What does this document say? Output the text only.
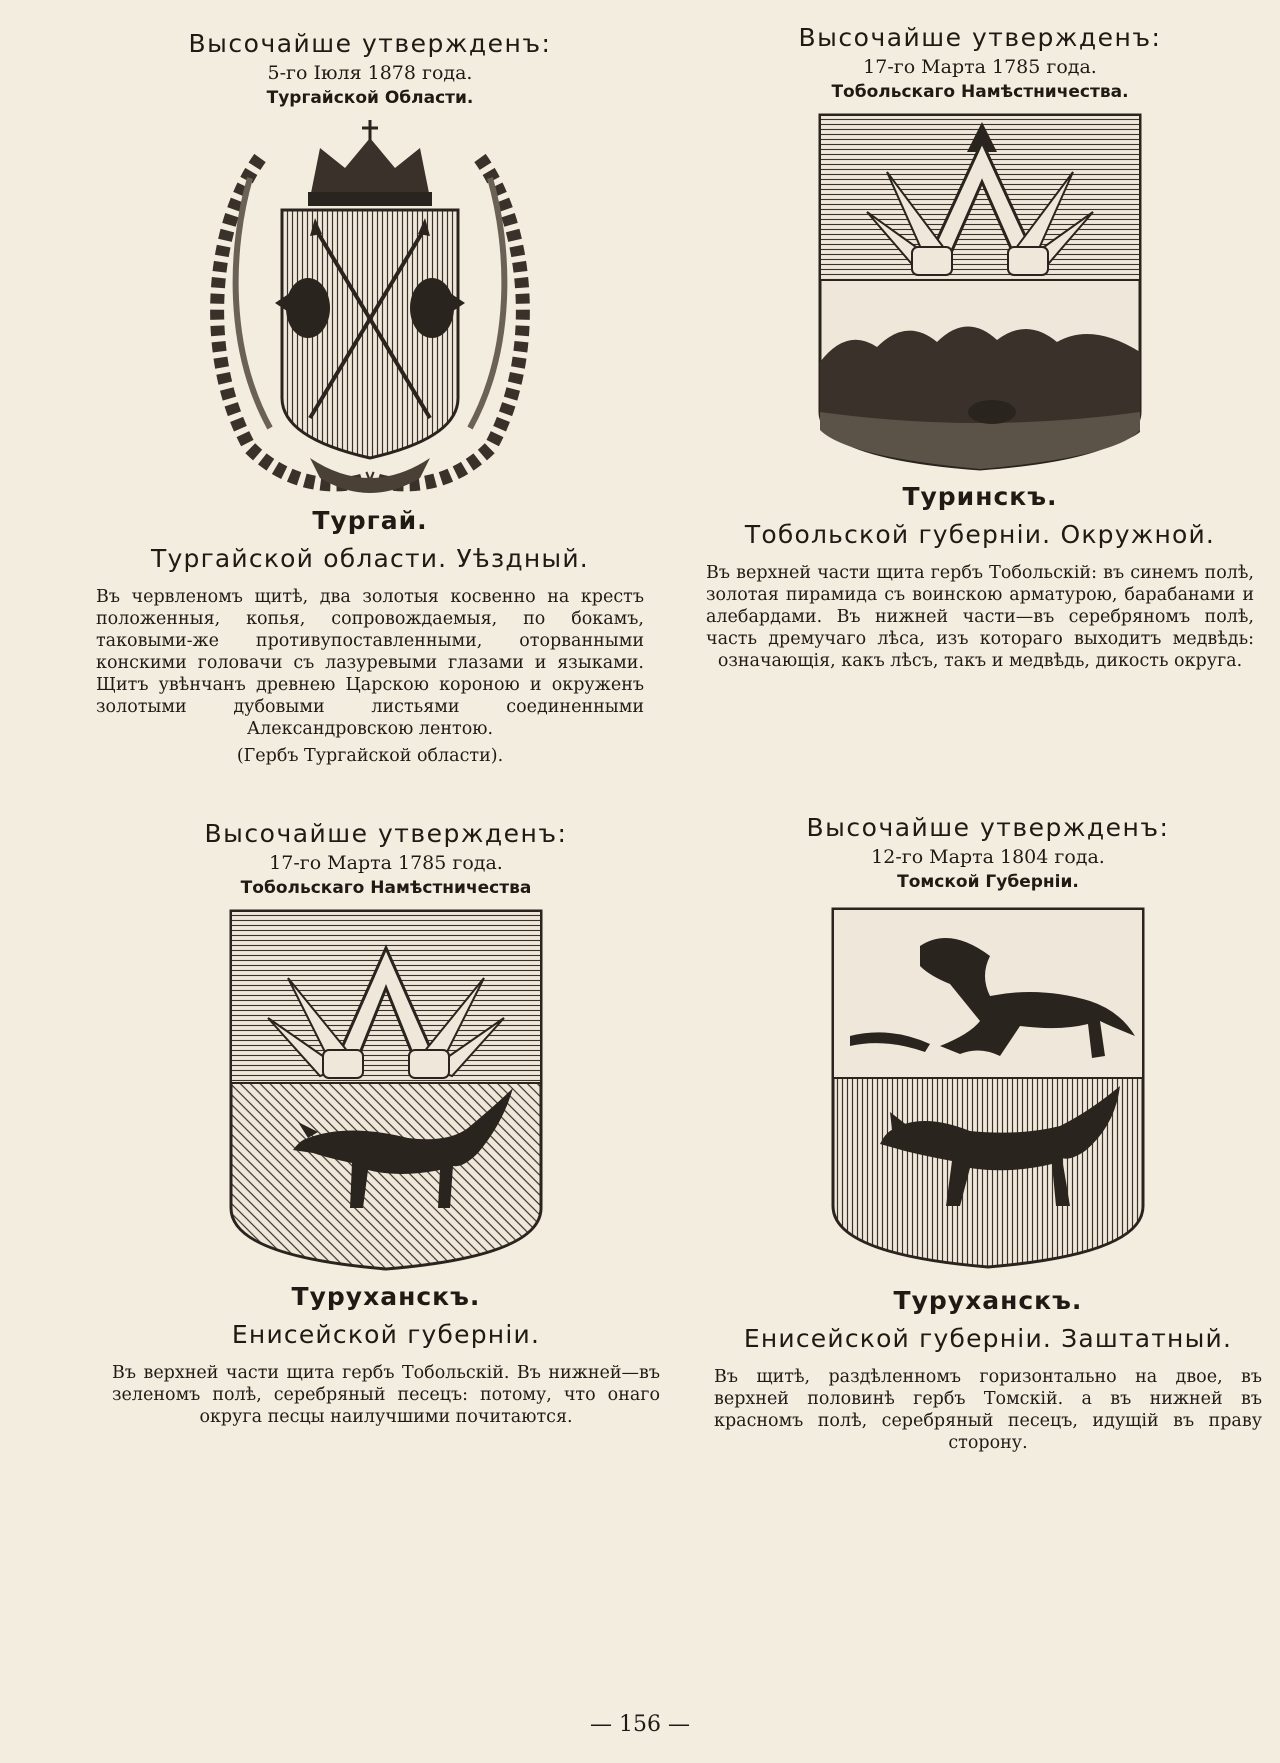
Высочайше утвержденъ:

5-го Іюля 1878 года.

Тургайской Области.

Тургай.

Тургайской области. Уѣздный.

Въ червленомъ щитѣ, два золотыя косвенно на крестъ положенныя, копья, сопровождаемыя, по бокамъ, таковыми-же противупоставленными, оторванными конскими головачи съ лазуревыми глазами и языками. Щитъ увѣнчанъ древнею Царскою короною и окруженъ золотыми дубовыми листьями соединенными Александровскою лентою.

(Гербъ Тургайской области).

Высочайше утвержденъ:

17-го Марта 1785 года.

Тобольскаго Намѣстничества.

Туринскъ.

Тобольской губерніи. Окружной.

Въ верхней части щита гербъ Тобольскій: въ синемъ полѣ, золотая пирамида съ воинскою арматурою, барабанами и алебардами. Въ нижней части—въ серебряномъ полѣ, часть дремучаго лѣса, изъ котораго выходитъ медвѣдь: означающія, какъ лѣсъ, такъ и медвѣдь, дикость округа.

Высочайше утвержденъ:

17-го Марта 1785 года.

Тобольскаго Намѣстничества

Туруханскъ.

Енисейской губерніи.

Въ верхней части щита гербъ Тобольскій. Въ нижней—въ зеленомъ полѣ, серебряный песецъ: потому, что онаго округа песцы наилучшими почитаются.

Высочайше утвержденъ:

12-го Марта 1804 года.

Томской Губерніи.

Туруханскъ.

Енисейской губерніи. Заштатный.

Въ щитѣ, раздѣленномъ горизонтально на двое, въ верхней половинѣ гербъ Томскій. а въ нижней въ красномъ полѣ, серебряный песецъ, идущій въ праву сторону.

— 156 —
